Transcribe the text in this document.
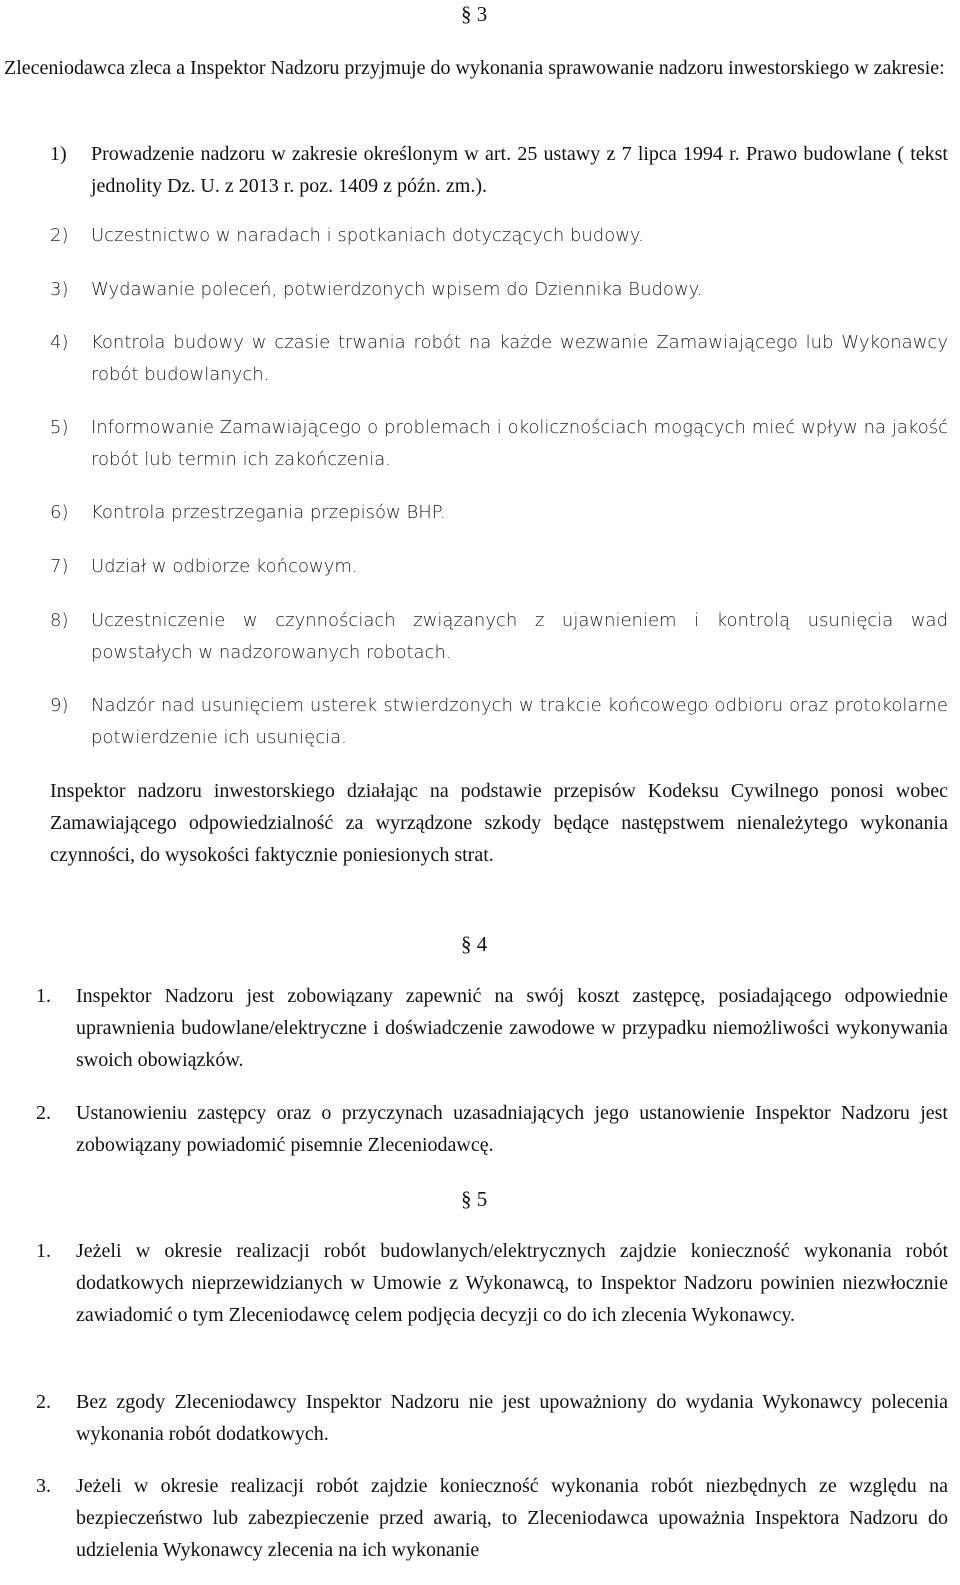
§ 3

Zleceniodawca zleca a Inspektor Nadzoru przyjmuje do wykonania sprawowanie nadzoru inwestorskiego w zakresie:

1) Prowadzenie nadzoru w zakresie określonym w art. 25 ustawy z 7 lipca 1994 r. Prawo budowlane ( tekst jednolity Dz. U. z 2013 r. poz. 1409 z późn. zm.).
2) Uczestnictwo w naradach i spotkaniach dotyczących budowy.
3) Wydawanie poleceń, potwierdzonych wpisem do Dziennika Budowy.
4) Kontrola budowy w czasie trwania robót na każde wezwanie Zamawiającego lub Wykonawcy robót budowlanych.
5) Informowanie Zamawiającego o problemach i okolicznościach mogących mieć wpływ na jakość robót lub termin ich zakończenia.
6) Kontrola przestrzegania przepisów BHP.
7) Udział w odbiorze końcowym.
8) Uczestniczenie w czynnościach związanych z ujawnieniem i kontrolą usunięcia wad powstałych w nadzorowanych robotach.
9) Nadzór nad usunięciem usterek stwierdzonych w trakcie końcowego odbioru oraz protokolarne potwierdzenie ich usunięcia.

Inspektor nadzoru inwestorskiego działając na podstawie przepisów Kodeksu Cywilnego ponosi wobec Zamawiającego odpowiedzialność za wyrządzone szkody będące następstwem nienależytego wykonania czynności, do wysokości faktycznie poniesionych strat.

§ 4
1. Inspektor Nadzoru jest zobowiązany zapewnić na swój koszt zastępcę, posiadającego odpowiednie uprawnienia budowlane/elektryczne i doświadczenie zawodowe w przypadku niemożliwości wykonywania swoich obowiązków.
2. Ustanowieniu zastępcy oraz o przyczynach uzasadniających jego ustanowienie Inspektor Nadzoru jest zobowiązany powiadomić pisemnie Zleceniodawcę.
§ 5
1. Jeżeli w okresie realizacji robót budowlanych/elektrycznych zajdzie konieczność wykonania robót dodatkowych nieprzewidzianych w Umowie z Wykonawcą, to Inspektor Nadzoru powinien niezwłocznie zawiadomić o tym Zleceniodawcę celem podjęcia decyzji co do ich zlecenia Wykonawcy.
2. Bez zgody Zleceniodawcy Inspektor Nadzoru nie jest upoważniony do wydania Wykonawcy polecenia wykonania robót dodatkowych.
3. Jeżeli w okresie realizacji robót zajdzie konieczność wykonania robót niezbędnych ze względu na bezpieczeństwo lub zabezpieczenie przed awarią, to Zleceniodawca upoważnia Inspektora Nadzoru do udzielenia Wykonawcy zlecenia na ich wykonanie
